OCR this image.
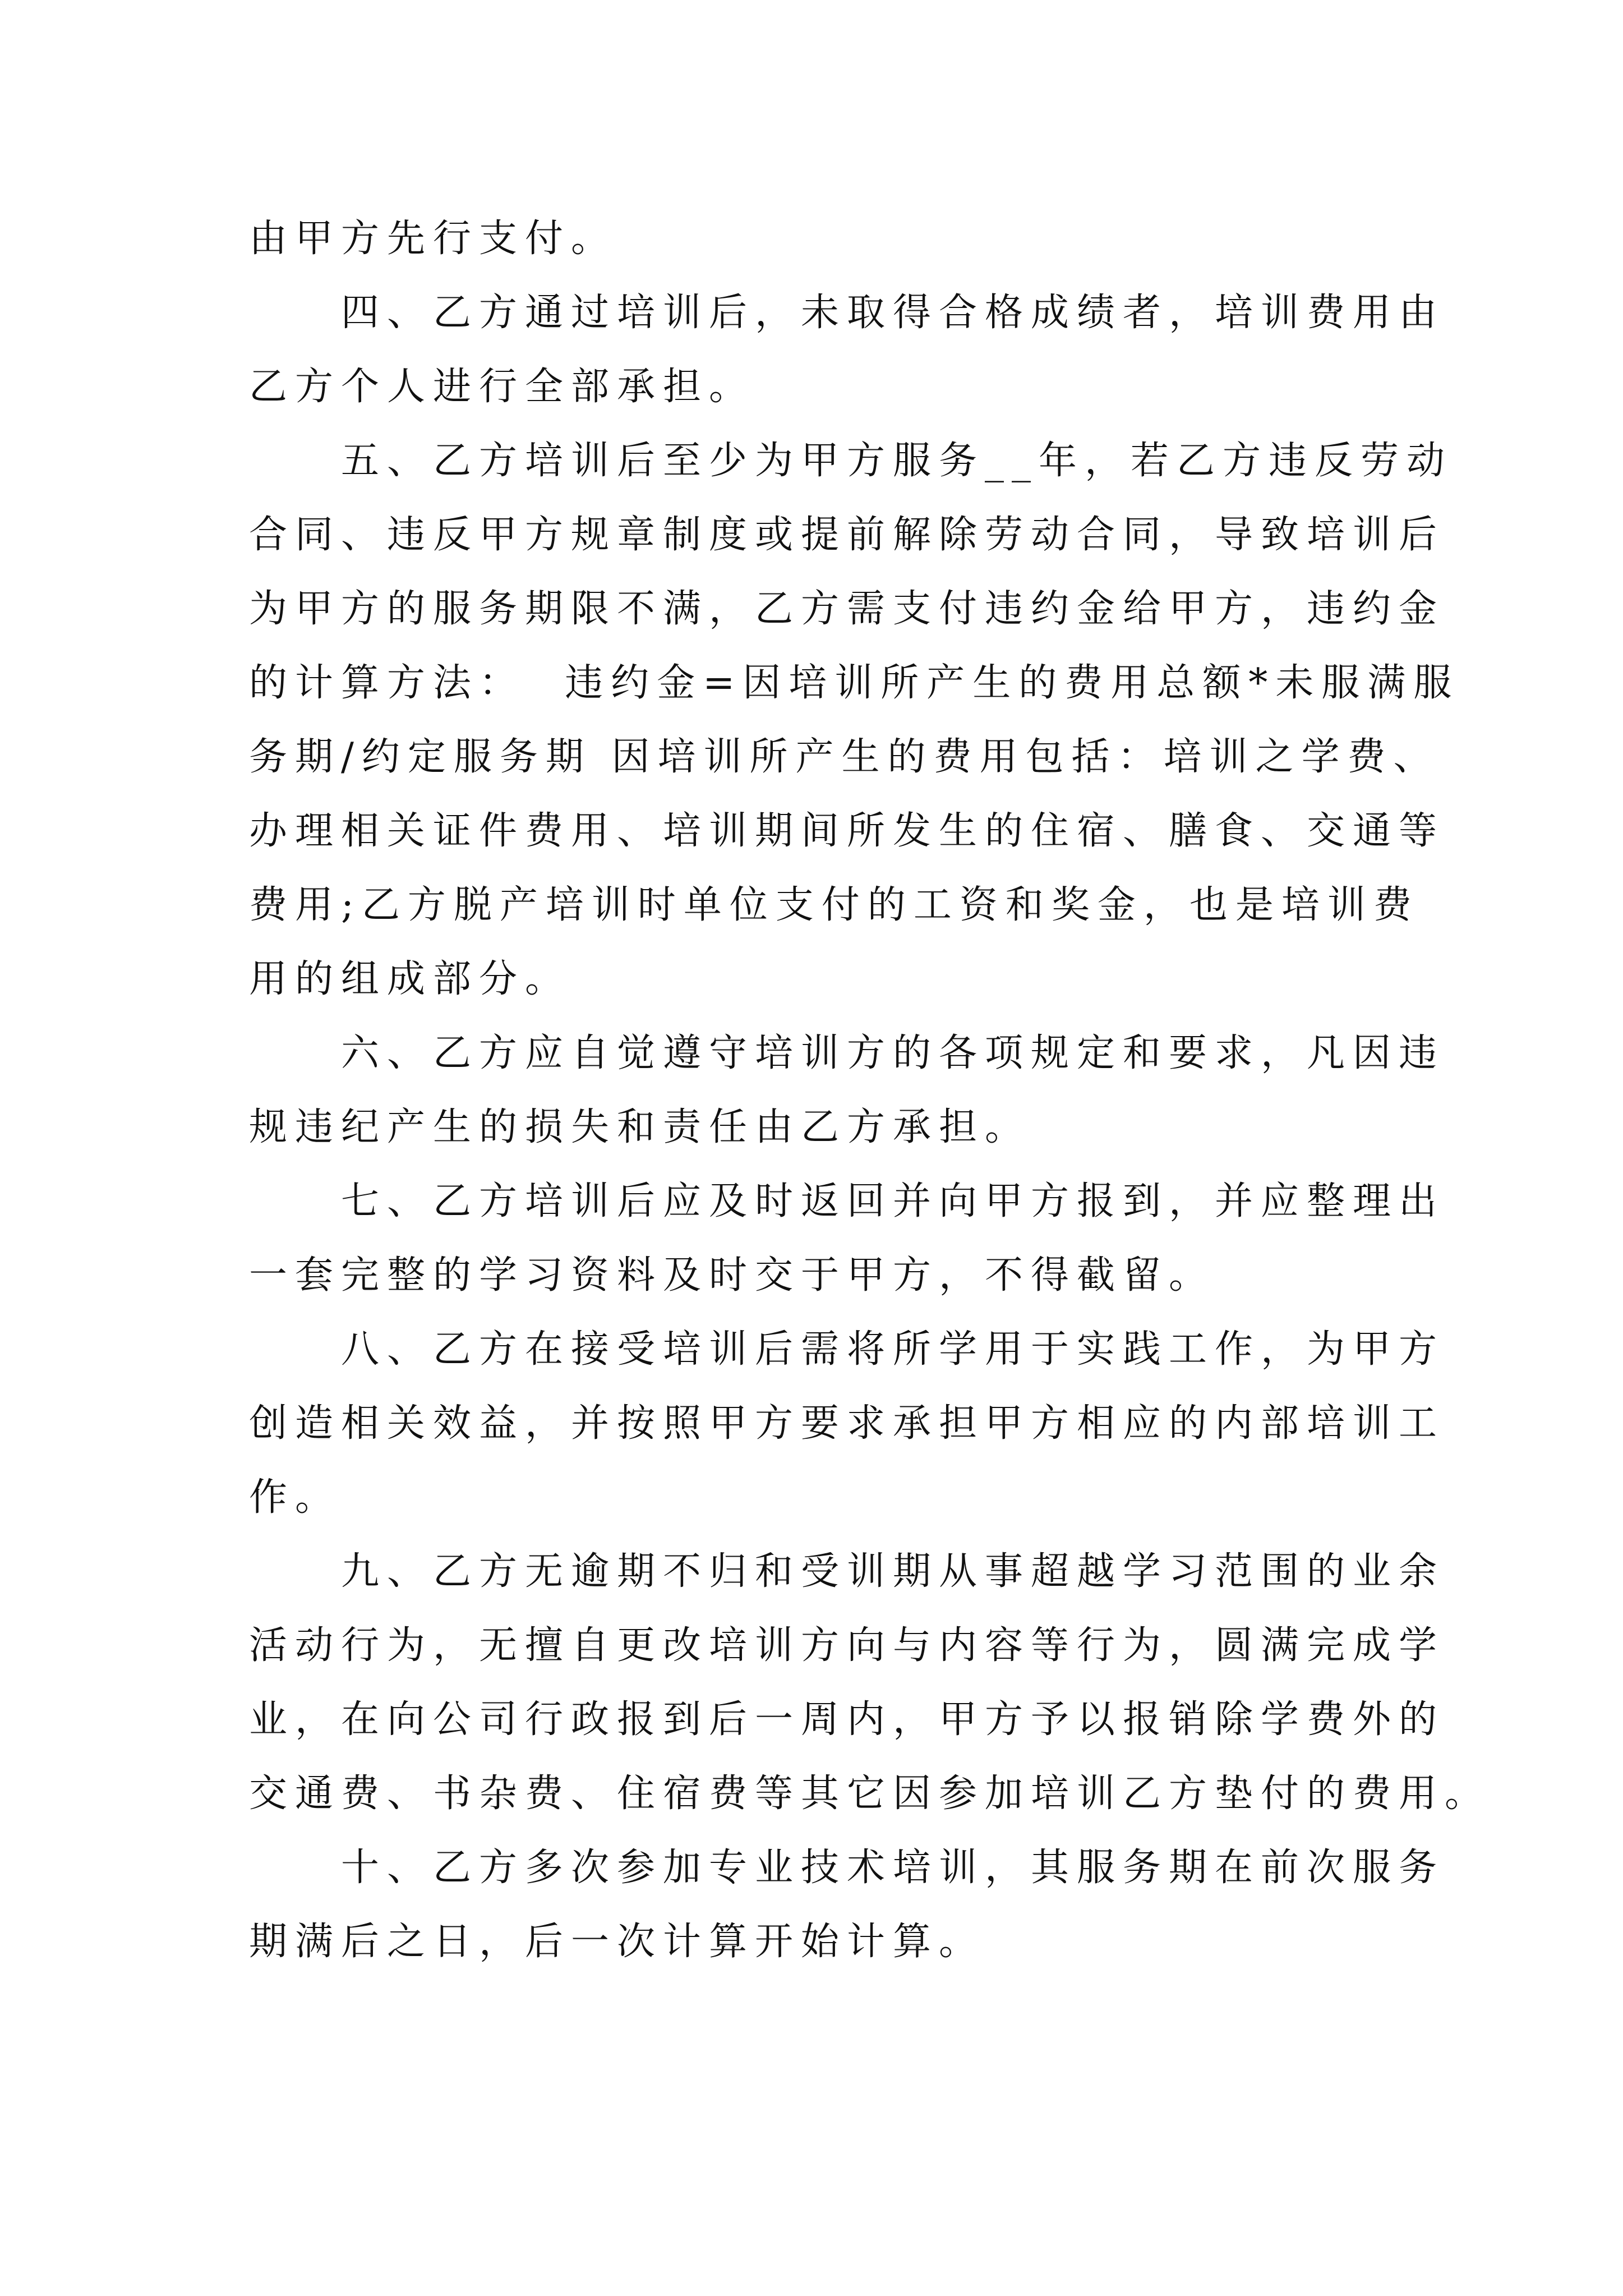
由甲方先行支付。
四、乙方通过培训后，未取得合格成绩者，培训费用由
乙方个人进行全部承担。
五、乙方培训后至少为甲方服务__年，若乙方违反劳动
合同、违反甲方规章制度或提前解除劳动合同，导致培训后
为甲方的服务期限不满，乙方需支付违约金给甲方，违约金
的计算方法：  违约金=因培训所产生的费用总额*未服满服
务期/约定服务期 因培训所产生的费用包括：培训之学费、
办理相关证件费用、培训期间所发生的住宿、膳食、交通等
费用;乙方脱产培训时单位支付的工资和奖金，也是培训费
用的组成部分。
六、乙方应自觉遵守培训方的各项规定和要求，凡因违
规违纪产生的损失和责任由乙方承担。
七、乙方培训后应及时返回并向甲方报到，并应整理出
一套完整的学习资料及时交于甲方，不得截留。
八、乙方在接受培训后需将所学用于实践工作，为甲方
创造相关效益，并按照甲方要求承担甲方相应的内部培训工
作。
九、乙方无逾期不归和受训期从事超越学习范围的业余
活动行为，无擅自更改培训方向与内容等行为，圆满完成学
业，在向公司行政报到后一周内，甲方予以报销除学费外的
交通费、书杂费、住宿费等其它因参加培训乙方垫付的费用。
十、乙方多次参加专业技术培训，其服务期在前次服务
期满后之日，后一次计算开始计算。
